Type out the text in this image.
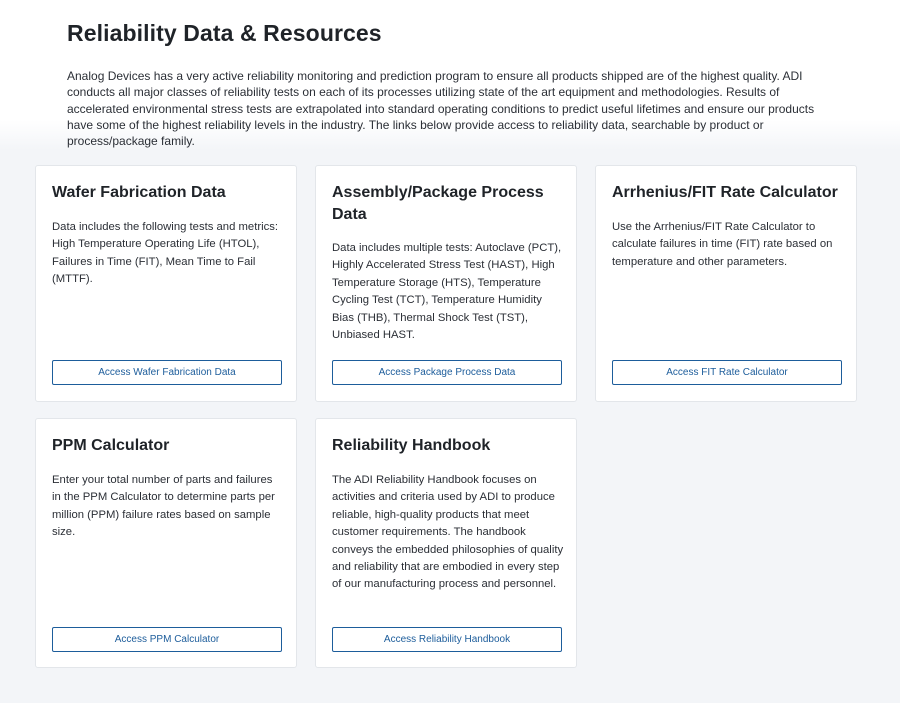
Reliability Data & Resources

Analog Devices has a very active reliability monitoring and prediction program to ensure all products shipped are of the highest quality. ADI conducts all major classes of reliability tests on each of its processes utilizing state of the art equipment and methodologies. Results of accelerated environmental stress tests are extrapolated into standard operating conditions to predict useful lifetimes and ensure our products have some of the highest reliability levels in the industry. The links below provide access to reliability data, searchable by product or process/package family.

Wafer Fabrication Data

Data includes the following tests and metrics: High Temperature Operating Life (HTOL), Failures in Time (FIT), Mean Time to Fail (MTTF).

Access Wafer Fabrication Data
Assembly/Package Process Data

Data includes multiple tests: Autoclave (PCT), Highly Accelerated Stress Test (HAST), High Temperature Storage (HTS), Temperature Cycling Test (TCT), Temperature Humidity Bias (THB), Thermal Shock Test (TST), Unbiased HAST.

Access Package Process Data
Arrhenius/FIT Rate Calculator

Use the Arrhenius/FIT Rate Calculator to calculate failures in time (FIT) rate based on temperature and other parameters.

Access FIT Rate Calculator
PPM Calculator

Enter your total number of parts and failures in the PPM Calculator to determine parts per million (PPM) failure rates based on sample size.

Access PPM Calculator
Reliability Handbook

The ADI Reliability Handbook focuses on activities and criteria used by ADI to produce reliable, high-quality products that meet customer requirements. The handbook conveys the embedded philosophies of quality and reliability that are embodied in every step of our manufacturing process and personnel.

Access Reliability Handbook
